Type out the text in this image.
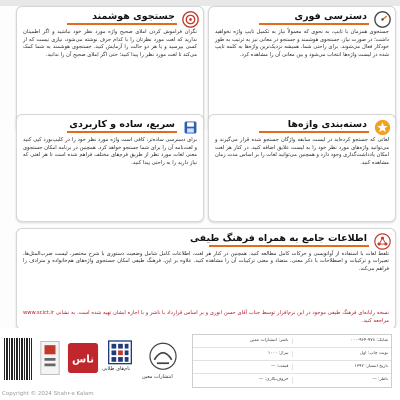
دسترسی فوری
جستجوی همزمان با تایپ، به نحوی که معمولاً نیاز به تکمیل تایپ واژه نخواهید داشت؛ در صورت نیاز، جستجوی هوشمند و جستجو در معانی نیز به ترتیب به طور خودکار فعال می‌شوند. برای راحتی شما، همیشه نزدیک‌ترین واژه‌ها به کلمه تایپ شده در لیست واژه‌ها انتخاب می‌شود و بین معانی آن را مشاهده کرد.
جستجوی هوشمند
نگران فراموش کردن املای صحیح واژه مورد نظر خود نباشید و اگر اطمینان ندارید که لغت مورد نظرتان را با کدام حرف نوشته می‌شود، نیازی نیست که از کسی بپرسید و یا هر دو حالت را آزمایش کنید. جستجوی هوشمند به شما کمک می‌کند تا لغت مورد نظر را پیدا کنید؛ حتی اگر املای صحیح آن را ندانید.
دسته‌بندی واژه‌ها
لغاتی که جستجو کرده‌اید در لیست سابقه واژگان جستجو شده قرار می‌گیرند و می‌توانید واژه‌های مورد نظر خود را به لیست علایق اضافه کنید. در کنار هر لغت امکان یادداشت‌گذاری وجود دارد و همچنین می‌توانید لغات را بر اساس مدت زمان مشاهده کنید.
سریع، ساده و کاربردی
برای دسترسی ساده‌تر، کافی است واژه مورد نظر خود را در کلیپ‌بورد کپی کنید و لغت‌نامه آن را برای شما جستجو خواهد کرد. همچنین در برنامه امکان جستجوی معنی لغات مورد نظر از طریق فرم‌های مختلف فراهم شده است تا هر لغتی که نیاز دارید را به راحتی پیدا کنید.
اطلاعات جامع به همراه فرهنگ طیفی
تلفظ لغات با استفاده از آوانویسی و حرکات کامل مطالعه کنید. همچنین در کنار هر لغت، اطلاعات کامل شامل وضعیت دستوری با شرح مختصر، لیست ضرب‌المثل‌ها، تعبیرات و ترکیبات و اصطلاحات با ذکر معنی، متضاد و معنی ترکیبات آن را مشاهده کنید. علاوه بر این، فرهنگ طیفی امکان جستجوی واژه‌های هم‌خانواده و مترادف را فراهم می‌کند.
نسخه رایانه‌ای فرهنگ طیفی موجود در این نرم‌افزار توسط جناب آقای حسن انوری و بر اساس قرارداد با ناشر و با اجازه ایشان تهیه شده است. به نشانی www.scict.ir مراجعه کنید.
ناس
نام‌های طلایی
انتشارات معین
شابک: ۹۷۸-۹۶۴-۰۰۰
ناشر: انتشارات معین
نوبت چاپ: اول
تیراژ: ۱۰۰۰
تاریخ انتشار: ۱۳۹۲
قیمت: —
ناظر: —
حروف‌نگاری: —
Copyright © 2024 Shahr-e Kalam
